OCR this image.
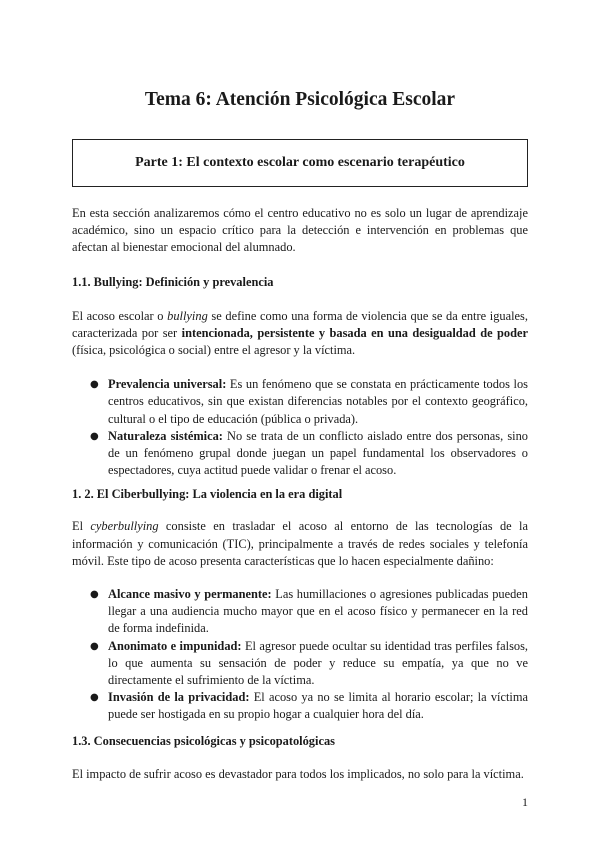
Tema 6: Atención Psicológica Escolar
Parte 1: El contexto escolar como escenario terapéutico

En esta sección analizaremos cómo el centro educativo no es solo un lugar de aprendizaje académico, sino un espacio crítico para la detección e intervención en problemas que afectan al bienestar emocional del alumnado.

1.1. Bullying: Definición y prevalencia

El acoso escolar o bullying se define como una forma de violencia que se da entre iguales, caracterizada por ser intencionada, persistente y basada en una desigualdad de poder (física, psicológica o social) entre el agresor y la víctima.

● Prevalencia universal: Es un fenómeno que se constata en prácticamente todos los centros educativos, sin que existan diferencias notables por el contexto geográfico, cultural o el tipo de educación (pública o privada).
● Naturaleza sistémica: No se trata de un conflicto aislado entre dos personas, sino de un fenómeno grupal donde juegan un papel fundamental los observadores o espectadores, cuya actitud puede validar o frenar el acoso.
1. 2. El Ciberbullying: La violencia en la era digital

El cyberbullying consiste en trasladar el acoso al entorno de las tecnologías de la información y comunicación (TIC), principalmente a través de redes sociales y telefonía móvil. Este tipo de acoso presenta características que lo hacen especialmente dañino:

● Alcance masivo y permanente: Las humillaciones o agresiones publicadas pueden llegar a una audiencia mucho mayor que en el acoso físico y permanecer en la red de forma indefinida.
● Anonimato e impunidad: El agresor puede ocultar su identidad tras perfiles falsos, lo que aumenta su sensación de poder y reduce su empatía, ya que no ve directamente el sufrimiento de la víctima.
● Invasión de la privacidad: El acoso ya no se limita al horario escolar; la víctima puede ser hostigada en su propio hogar a cualquier hora del día.
1.3. Consecuencias psicológicas y psicopatológicas

El impacto de sufrir acoso es devastador para todos los implicados, no solo para la víctima.

1
